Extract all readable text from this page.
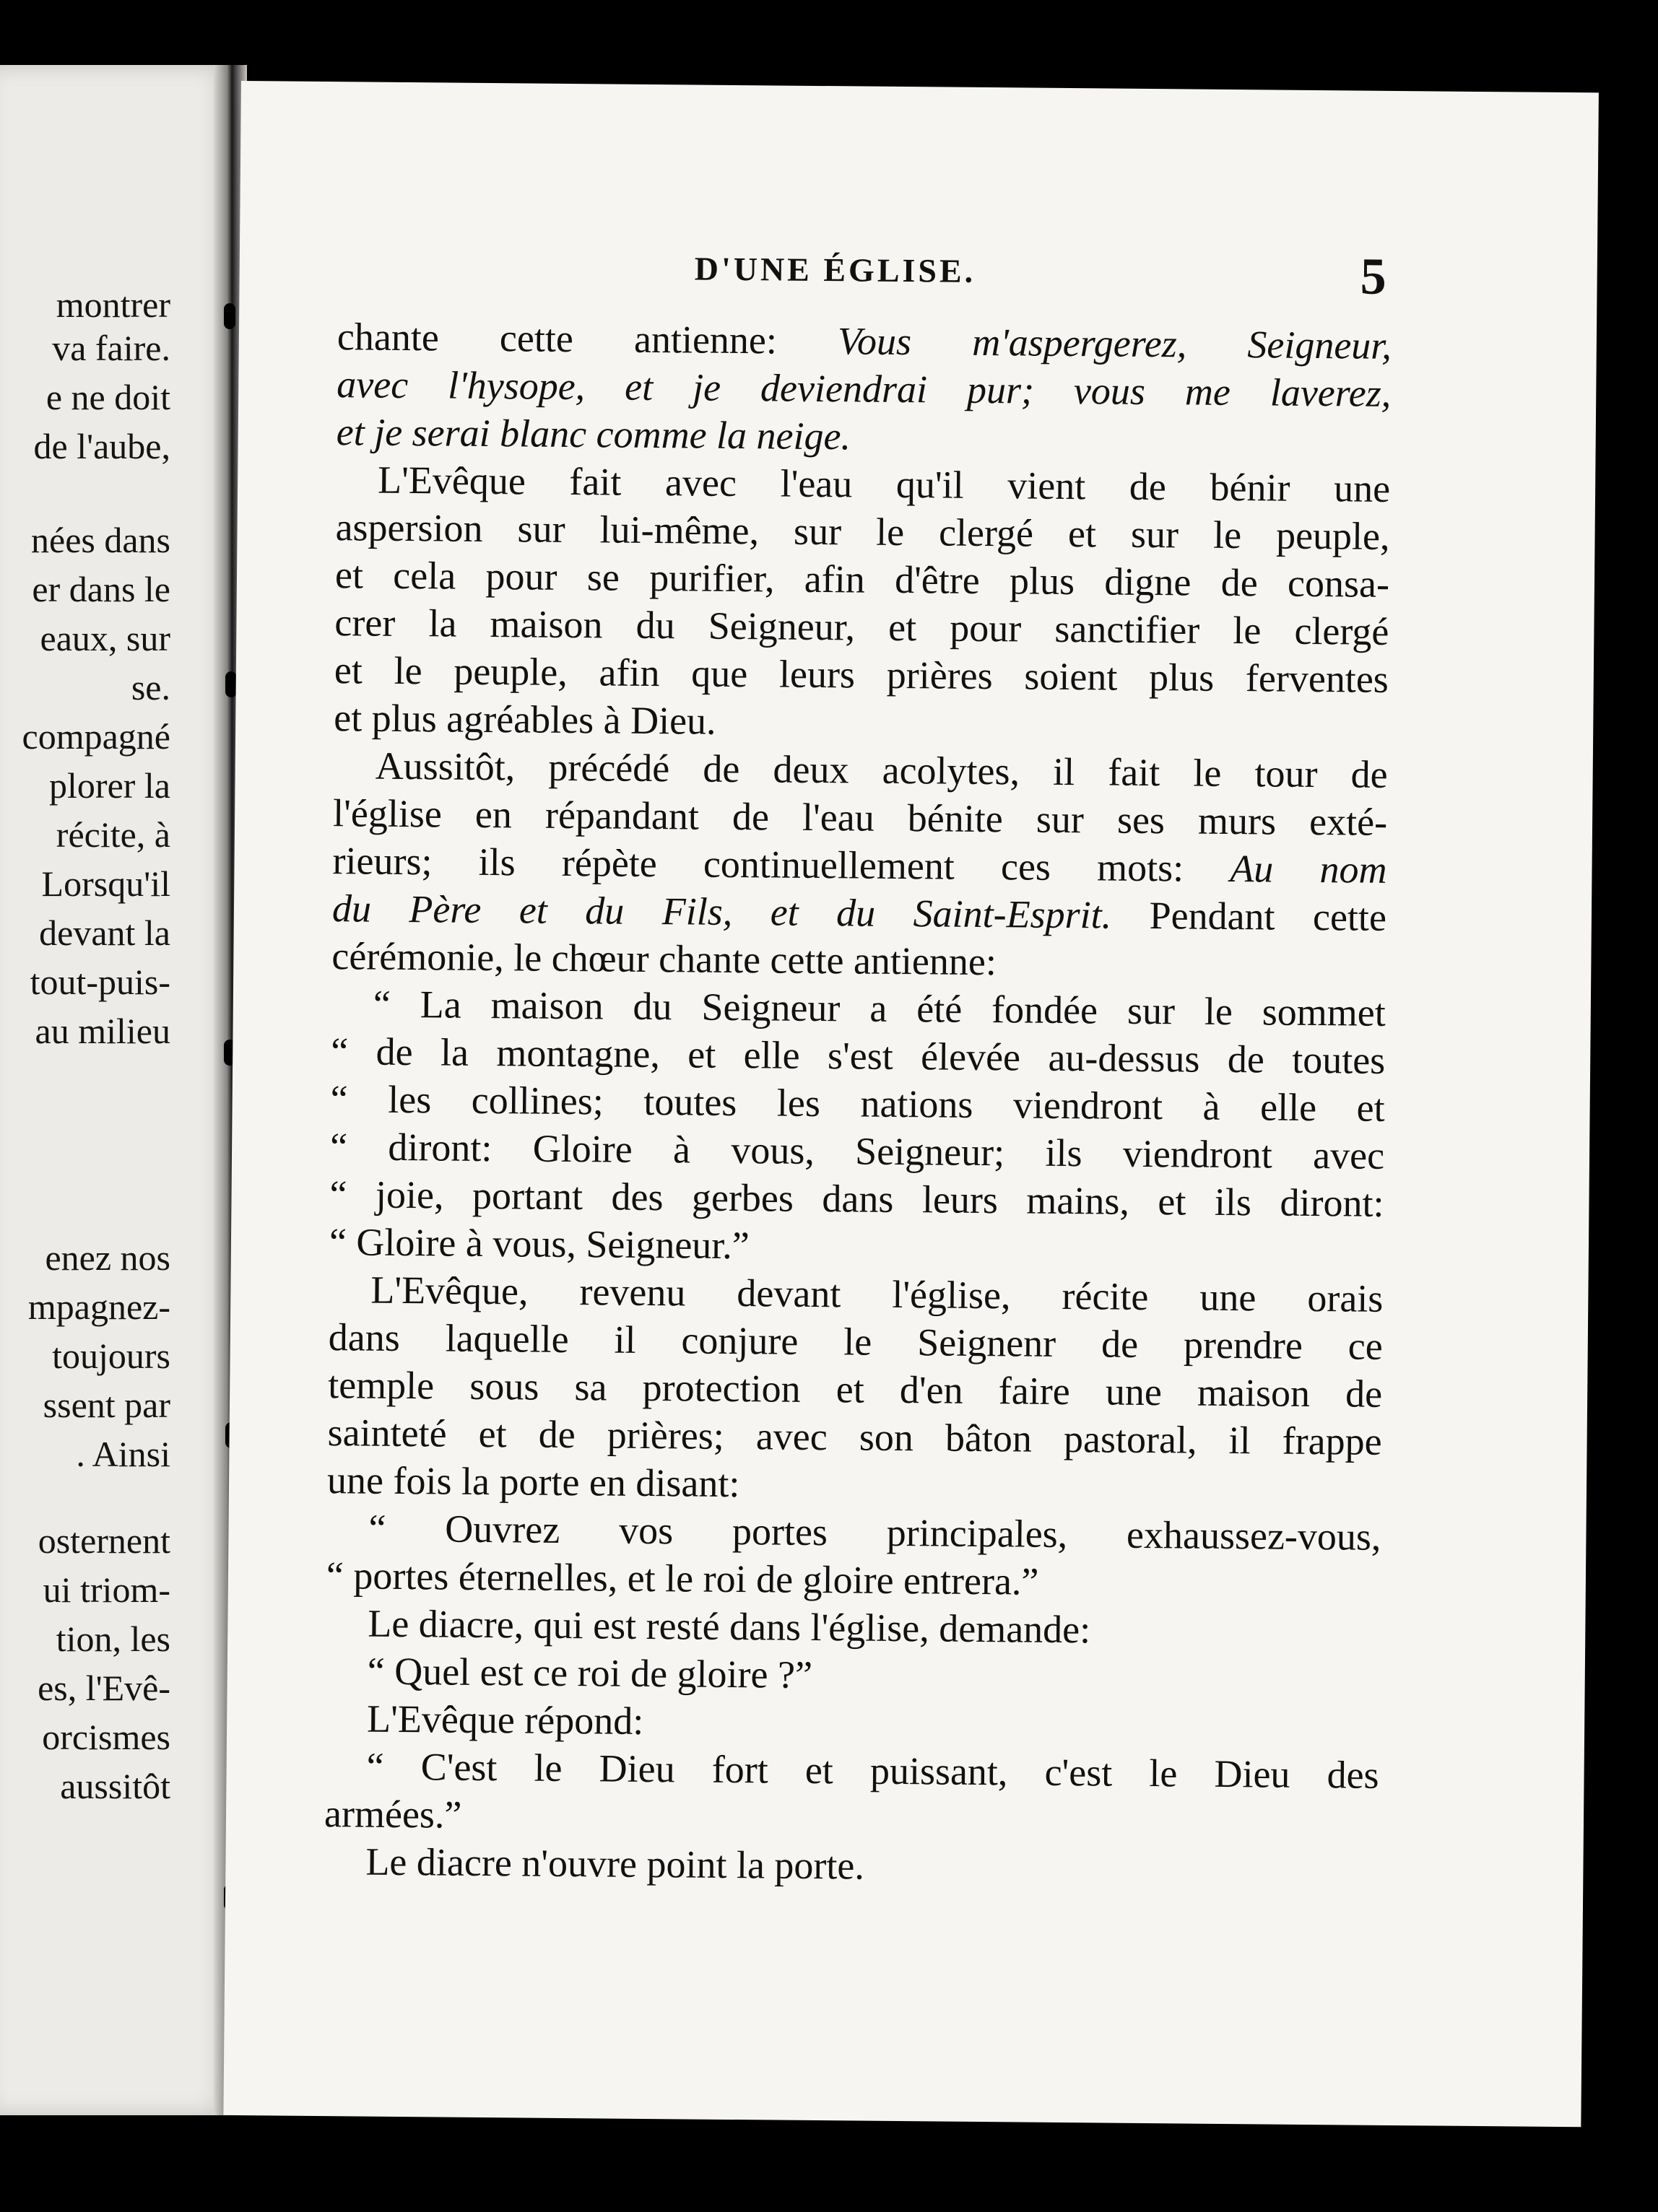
montrer
va faire.
e ne doit
de l'aube,
nées dans
er dans le
eaux, sur
se.
compagné
plorer la
récite, à
Lorsqu'il
devant la
tout-puis-
au milieu
enez nos
mpagnez-
toujours
ssent par
. Ainsi
osternent
ui triom-
tion, les
es, l'Evê-
orcismes
aussitôt
D'UNE ÉGLISE.	5
chante cette antienne: Vous m'aspergerez, Seigneur,
avec l'hysope, et je deviendrai pur; vous me laverez,
et je serai blanc comme la neige.
L'Evêque fait avec l'eau qu'il vient de bénir une
aspersion sur lui-même, sur le clergé et sur le peuple,
et cela pour se purifier, afin d'être plus digne de consa-
crer la maison du Seigneur, et pour sanctifier le clergé
et le peuple, afin que leurs prières soient plus ferventes
et plus agréables à Dieu.
Aussitôt, précédé de deux acolytes, il fait le tour de
l'église en répandant de l'eau bénite sur ses murs exté-
rieurs; ils répète continuellement ces mots: Au nom
du Père et du Fils, et du Saint-Esprit. Pendant cette
cérémonie, le chœur chante cette antienne:
“ La maison du Seigneur a été fondée sur le sommet
“ de la montagne, et elle s'est élevée au-dessus de toutes
“ les collines; toutes les nations viendront à elle et
“ diront: Gloire à vous, Seigneur; ils viendront avec
“ joie, portant des gerbes dans leurs mains, et ils diront:
“ Gloire à vous, Seigneur.”
L'Evêque, revenu devant l'église, récite une orais
dans laquelle il conjure le Seignenr de prendre ce
temple sous sa protection et d'en faire une maison de
sainteté et de prières; avec son bâton pastoral, il frappe
une fois la porte en disant:
“ Ouvrez vos portes principales, exhaussez-vous,
“ portes éternelles, et le roi de gloire entrera.”
Le diacre, qui est resté dans l'église, demande:
“ Quel est ce roi de gloire ?”
L'Evêque répond:
“ C'est le Dieu fort et puissant, c'est le Dieu des
armées.”
Le diacre n'ouvre point la porte.
